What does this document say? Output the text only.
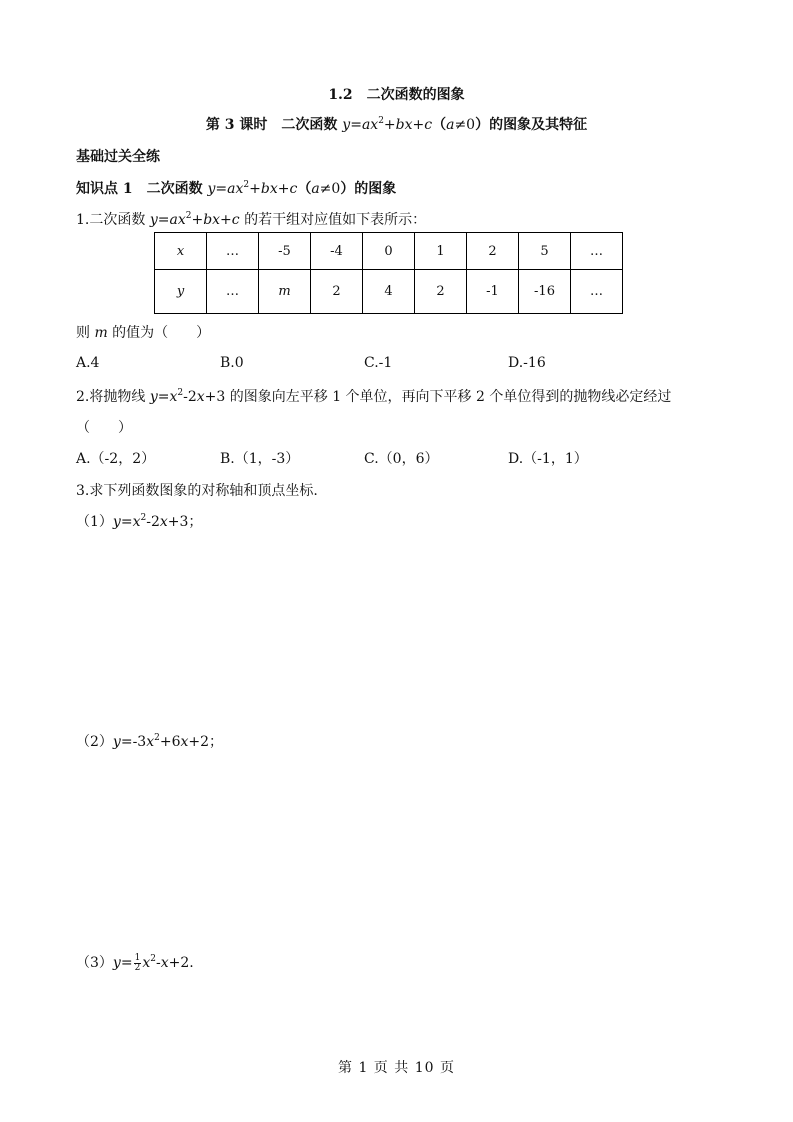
1.2　二次函数的图象
第 3 课时　二次函数 $y=ax^2+bx+c(a\ne 0)$的图象及其特征
基础过关全练
知识点 1　二次函数 $y=ax^2+bx+c(a\ne 0)$的图象
1.二次函数 $y=ax^2+bx+c$ 的若干组对应值如下表所示：
x	…	-5	-4	0	1	2	5	…
y	…	m	2	4	2	-1	-16	…
则 m 的值为（　　）
A.4	B.0	C.-1	D.-16
2.将抛物线 $y=x^2-2x+3$ 的图象向左平移 1 个单位，再向下平移 2 个单位得到的抛物线必定经过
（　　）
A.（-2，2）	B.（1，-3）	C.（0，6）	D.（-1，1）
3.求下列函数图象的对称轴和顶点坐标.
$(1)y=x^2-2x+3$；
$(2)y=-3x^2+6x+2$；
$(3)y= \frac{1}{2} x^2-x+2$.
第 1 页 共 10 页
